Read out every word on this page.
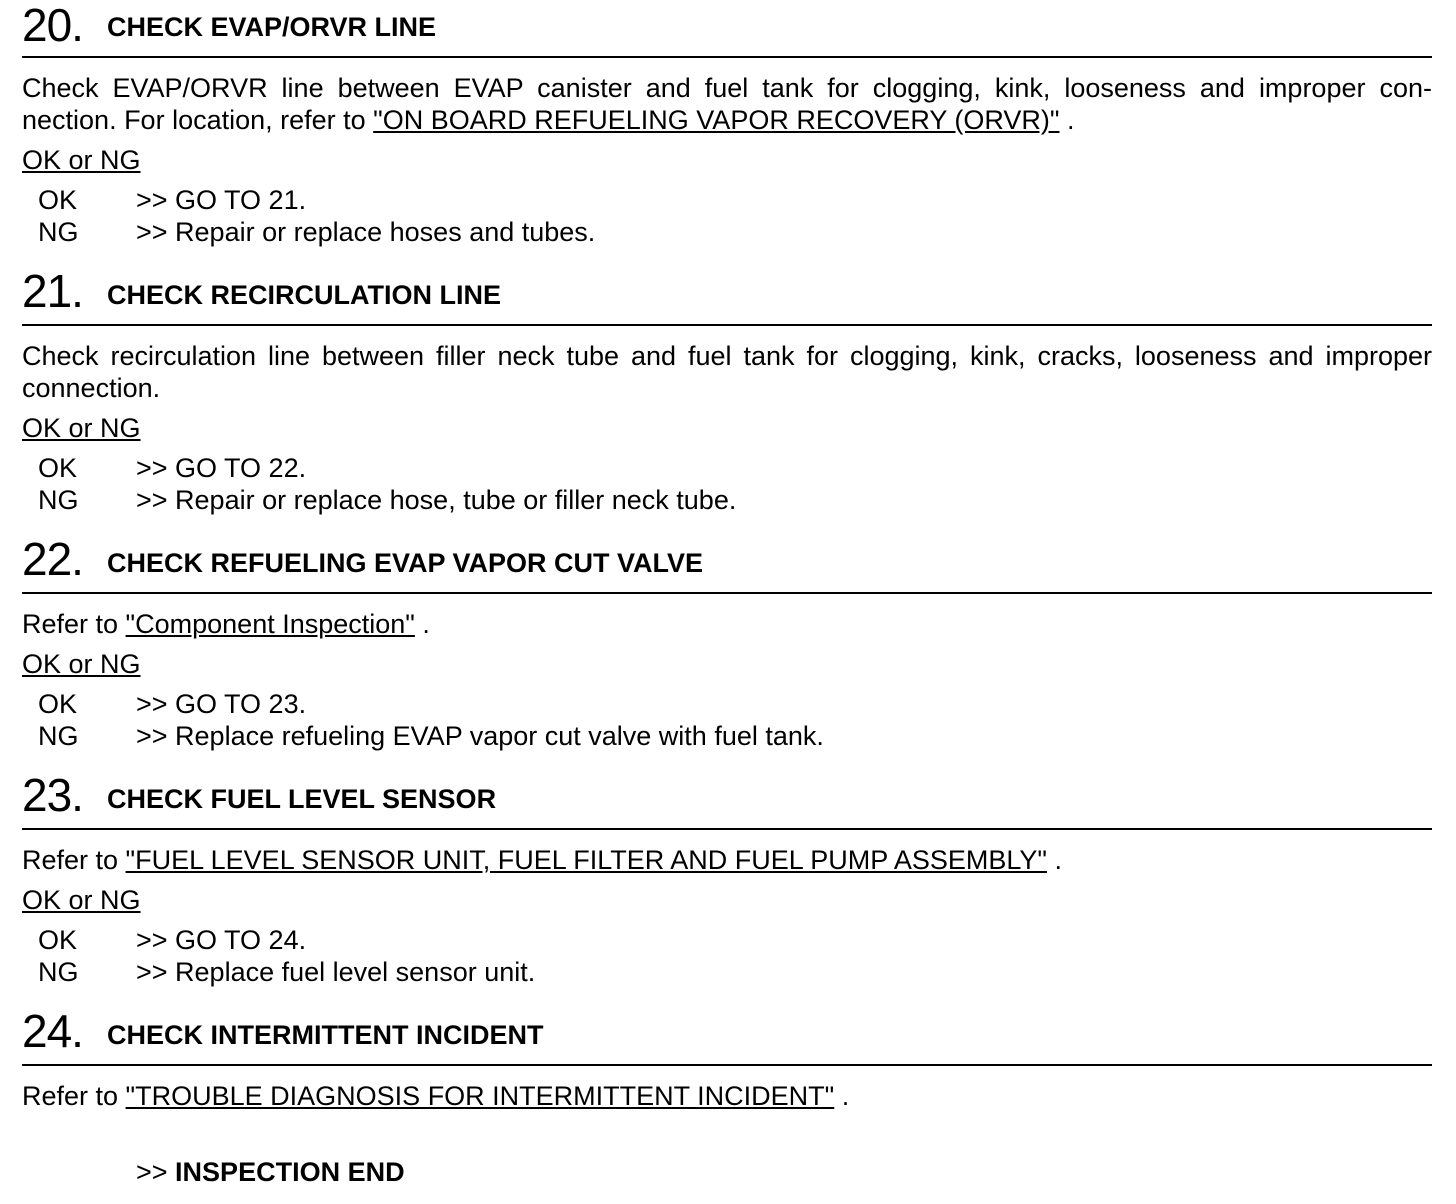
20. CHECK EVAP/ORVR LINE

Check EVAP/ORVR line between EVAP canister and fuel tank for clogging, kink, looseness and improper con- nection. For location, refer to "ON BOARD REFUELING VAPOR RECOVERY (ORVR)" .

OK or NG
OK >> GO TO 21.
NG >> Repair or replace hoses and tubes.
21. CHECK RECIRCULATION LINE

Check recirculation line between filler neck tube and fuel tank for clogging, kink, cracks, looseness and improper connection.

OK or NG
OK >> GO TO 22.
NG >> Repair or replace hose, tube or filler neck tube.
22. CHECK REFUELING EVAP VAPOR CUT VALVE

Refer to "Component Inspection" .

OK or NG
OK >> GO TO 23.
NG >> Replace refueling EVAP vapor cut valve with fuel tank.
23. CHECK FUEL LEVEL SENSOR

Refer to "FUEL LEVEL SENSOR UNIT, FUEL FILTER AND FUEL PUMP ASSEMBLY" .

OK or NG
OK >> GO TO 24.
NG >> Replace fuel level sensor unit.
24. CHECK INTERMITTENT INCIDENT

Refer to "TROUBLE DIAGNOSIS FOR INTERMITTENT INCIDENT" .

>> INSPECTION END
